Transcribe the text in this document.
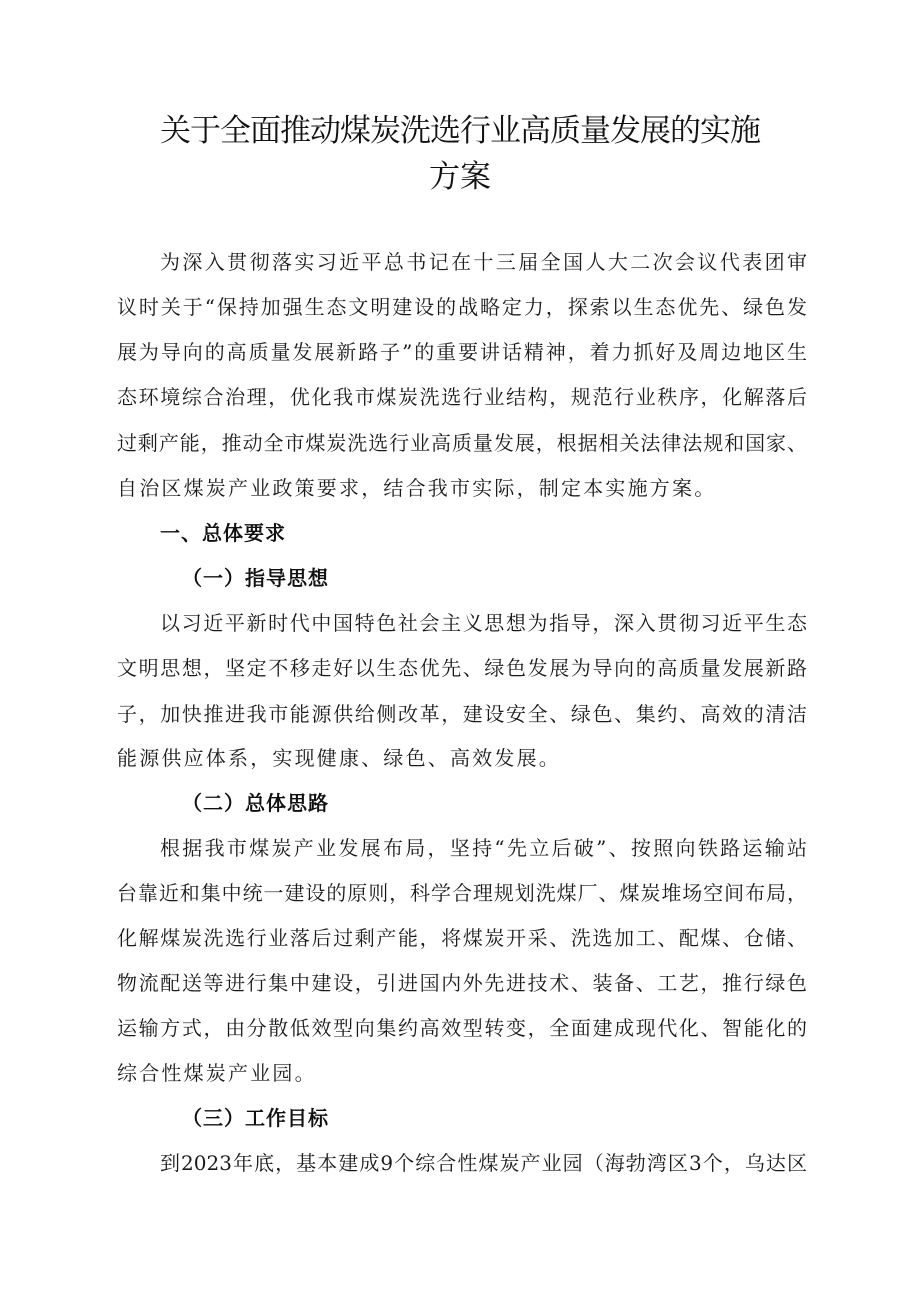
关于全面推动煤炭洗选行业高质量发展的实施
方案
为深入贯彻落实习近平总书记在十三届全国人大二次会议代表团审
议时关于“保持加强生态文明建设的战略定力，探索以生态优先、绿色发
展为导向的高质量发展新路子”的重要讲话精神，着力抓好及周边地区生
态环境综合治理，优化我市煤炭洗选行业结构，规范行业秩序，化解落后
过剩产能，推动全市煤炭洗选行业高质量发展，根据相关法律法规和国家、
自治区煤炭产业政策要求，结合我市实际，制定本实施方案。
一、总体要求
（一）指导思想
以习近平新时代中国特色社会主义思想为指导，深入贯彻习近平生态
文明思想，坚定不移走好以生态优先、绿色发展为导向的高质量发展新路
子，加快推进我市能源供给侧改革，建设安全、绿色、集约、高效的清洁
能源供应体系，实现健康、绿色、高效发展。
（二）总体思路
根据我市煤炭产业发展布局，坚持“先立后破”、按照向铁路运输站
台靠近和集中统一建设的原则，科学合理规划洗煤厂、煤炭堆场空间布局，
化解煤炭洗选行业落后过剩产能，将煤炭开采、洗选加工、配煤、仓储、
物流配送等进行集中建设，引进国内外先进技术、装备、工艺，推行绿色
运输方式，由分散低效型向集约高效型转变，全面建成现代化、智能化的
综合性煤炭产业园。
（三）工作目标
到2023年底，基本建成9个综合性煤炭产业园（海勃湾区3个，乌达区
